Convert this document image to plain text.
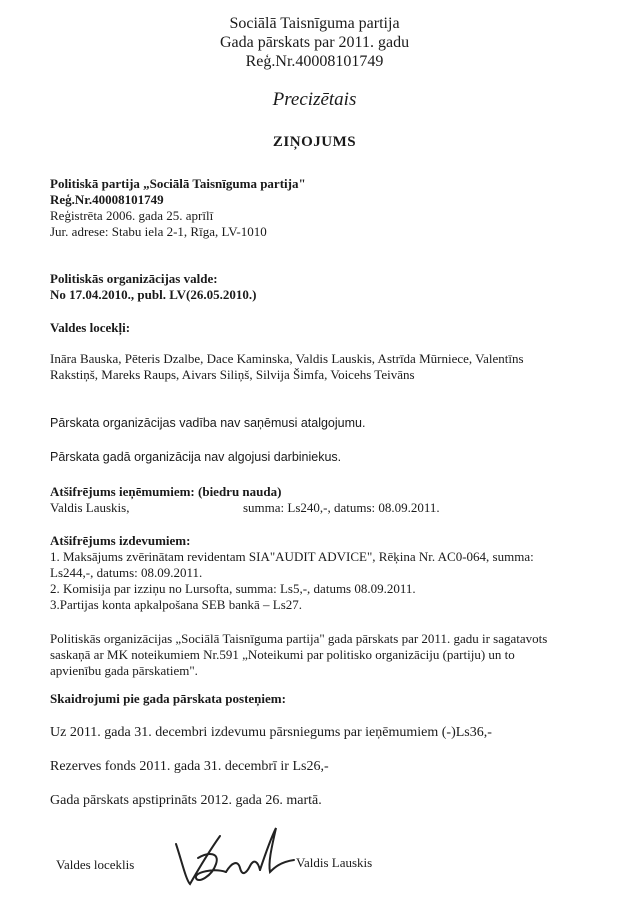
Sociālā Taisnīguma partija
Gada pārskats par 2011. gadu
Reģ.Nr.40008101749
Precizētais
ZIŅOJUMS
Politiskā partija „Sociālā Taisnīguma partija"
Reģ.Nr.40008101749
Reģistrēta 2006. gada 25. aprīlī
Jur. adrese: Stabu iela 2-1, Rīga, LV-1010
Politiskās organizācijas valde:
No 17.04.2010., publ. LV(26.05.2010.)
Valdes locekļi:
Ināra Bauska, Pēteris Dzalbe, Dace Kaminska, Valdis Lauskis, Astrīda Mūrniece, Valentīns
Rakstiņš, Mareks Raups, Aivars Siliņš, Silvija Šimfa, Voicehs Teivāns
Pārskata organizācijas vadība nav saņēmusi atalgojumu.
Pārskata gadā organizācija nav algojusi darbiniekus.
Atšifrējums ieņēmumiem: (biedru nauda)
Valdis Lauskis,	summa: Ls240,-, datums: 08.09.2011.
Atšifrējums izdevumiem:
1. Maksājums zvērinātam revidentam SIA"AUDIT ADVICE", Rēķina Nr. AC0-064, summa:
Ls244,-, datums: 08.09.2011.
2. Komisija par izziņu no Lursofta, summa: Ls5,-, datums 08.09.2011.
3.Partijas konta apkalpošana SEB bankā – Ls27.
Politiskās organizācijas „Sociālā Taisnīguma partija" gada pārskats par 2011. gadu ir sagatavots
saskaņā ar MK noteikumiem Nr.591 „Noteikumi par politisko organizāciju (partiju) un to
apvienību gada pārskatiem".
Skaidrojumi pie gada pārskata posteņiem:
Uz 2011. gada 31. decembri izdevumu pārsniegums par ieņēmumiem (-)Ls36,-
Rezerves fonds 2011. gada 31. decembrī ir Ls26,-
Gada pārskats apstiprināts 2012. gada 26. martā.
Valdes loceklis	Valdis Lauskis
